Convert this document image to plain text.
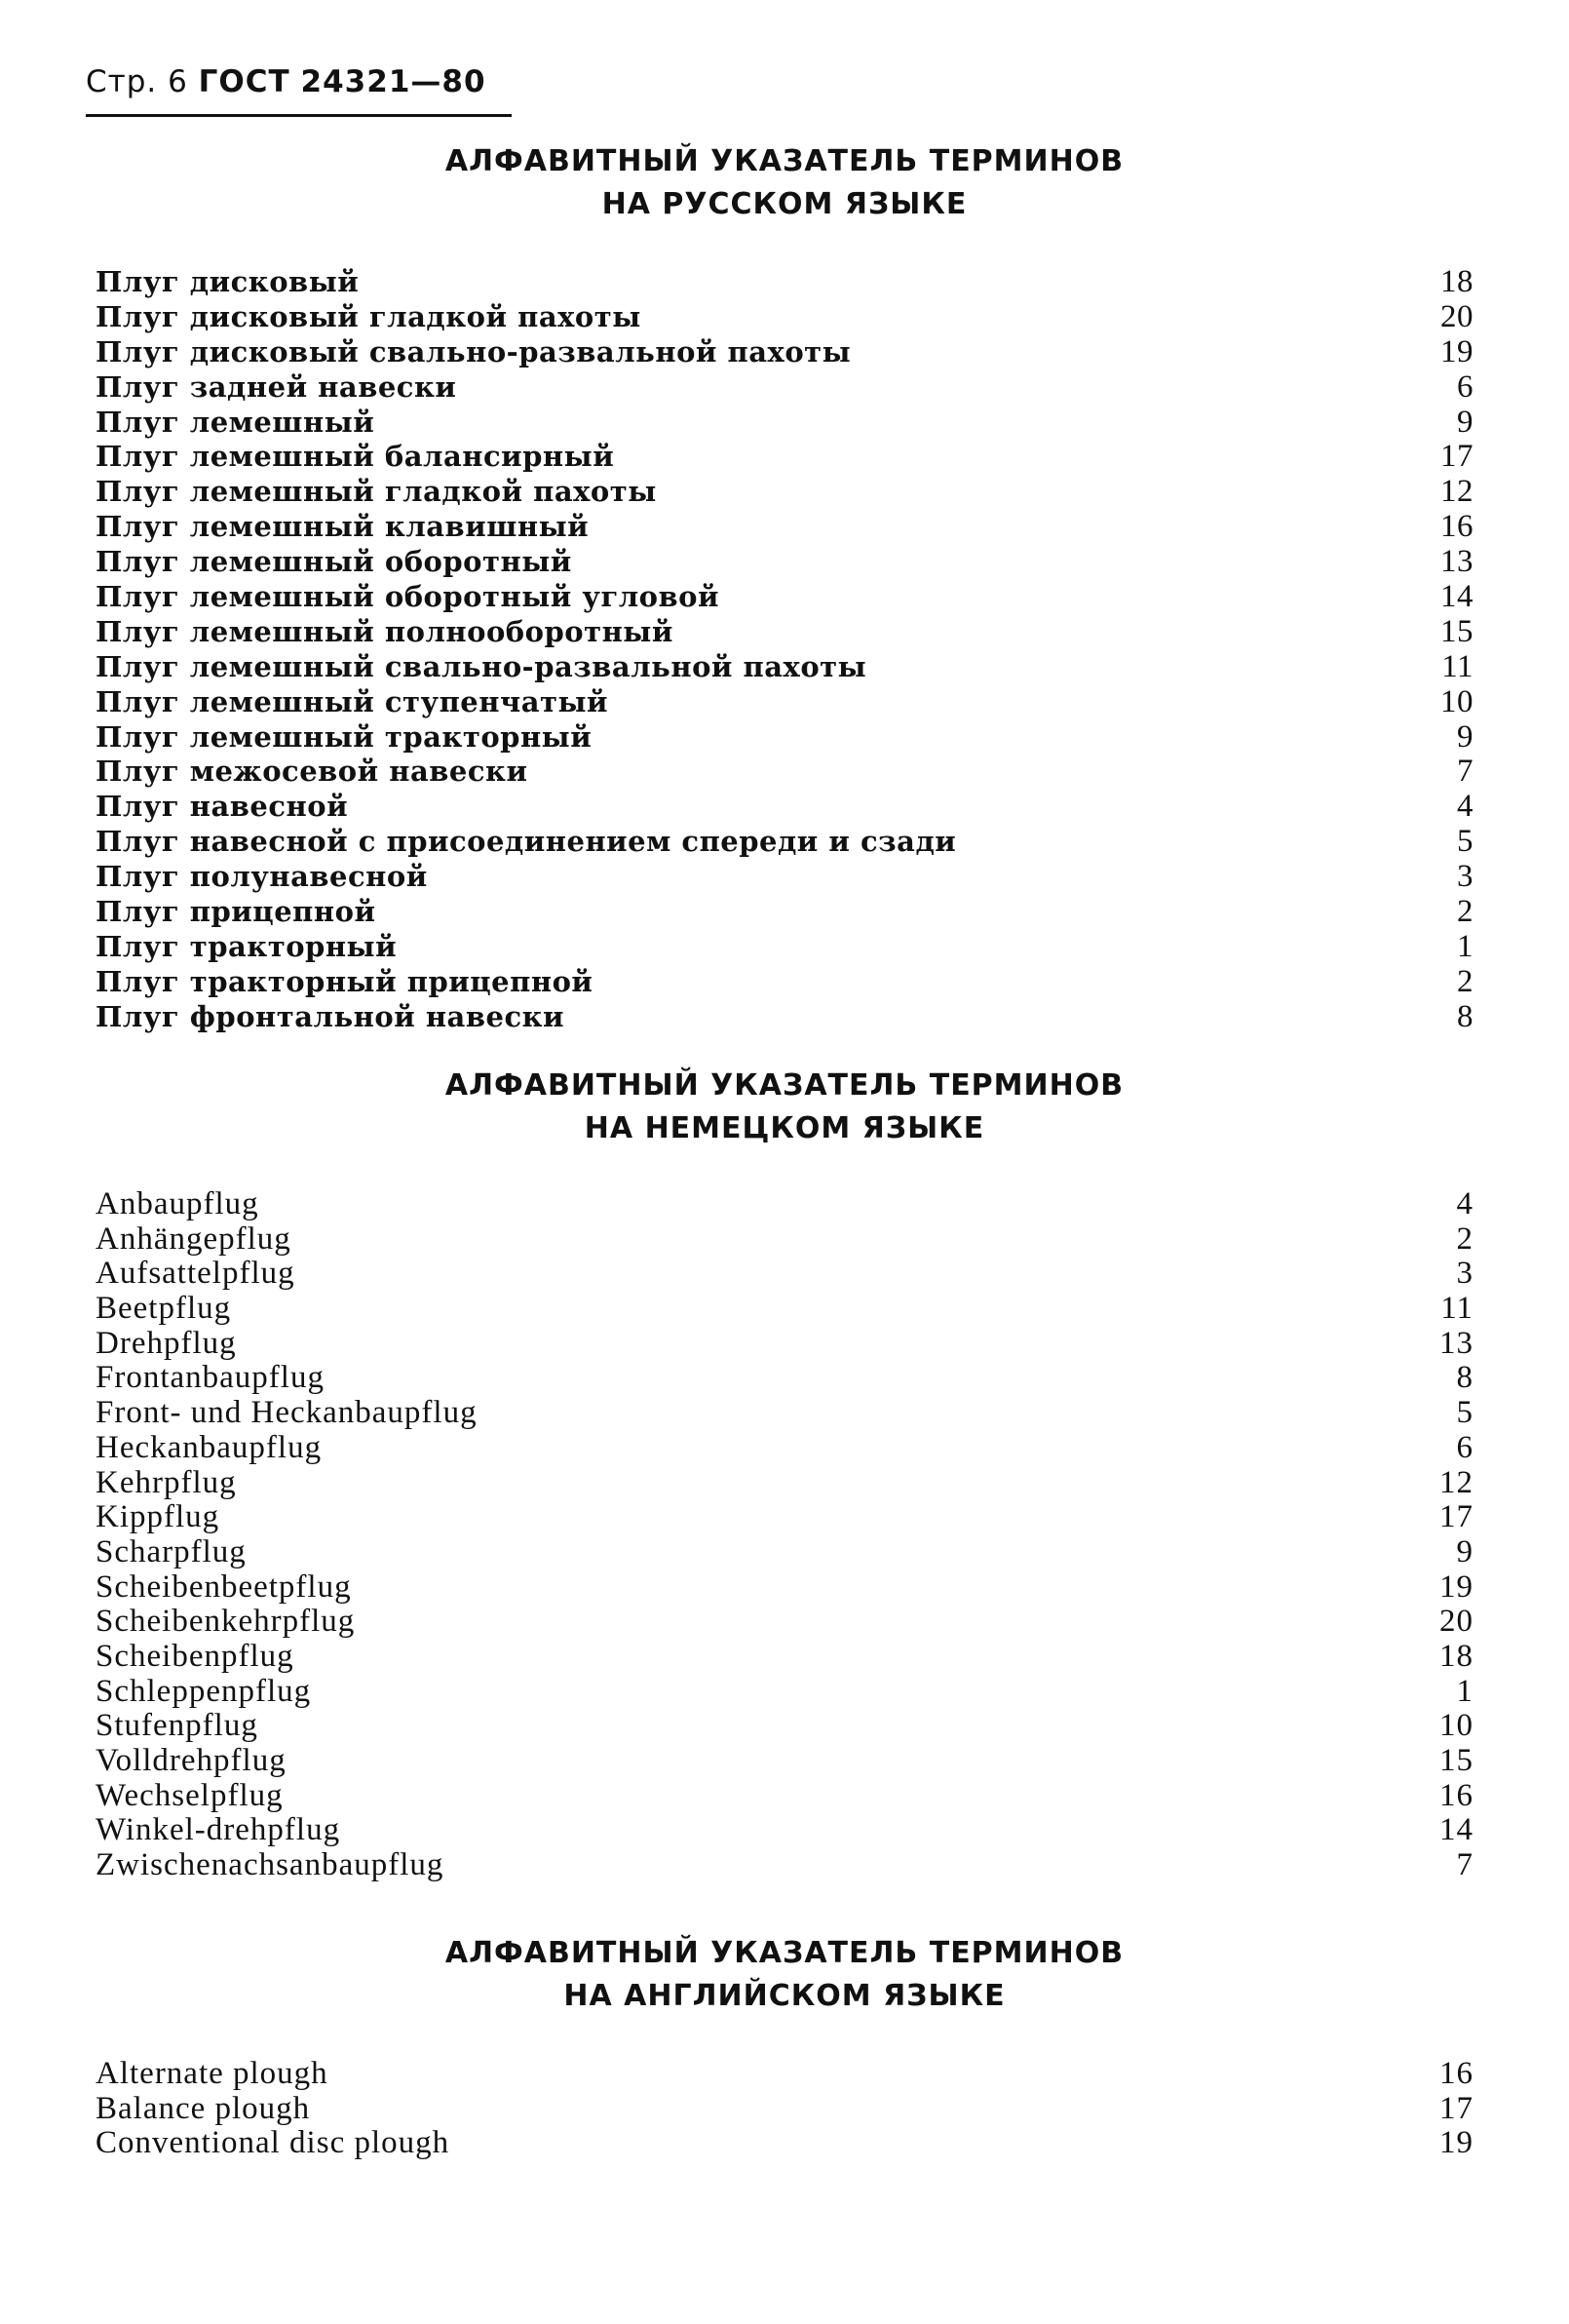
Стр. 6 ГОСТ 24321—80
АЛФАВИТНЫЙ УКАЗАТЕЛЬ ТЕРМИНОВ
НА РУССКОМ ЯЗЫКЕ
Плуг дисковый	18
Плуг дисковый гладкой пахоты	20
Плуг дисковый свально-развальной пахоты	19
Плуг задней навески	6
Плуг лемешный	9
Плуг лемешный балансирный	17
Плуг лемешный гладкой пахоты	12
Плуг лемешный клавишный	16
Плуг лемешный оборотный	13
Плуг лемешный оборотный угловой	14
Плуг лемешный полнооборотный	15
Плуг лемешный свально-развальной пахоты	11
Плуг лемешный ступенчатый	10
Плуг лемешный тракторный	9
Плуг межосевой навески	7
Плуг навесной	4
Плуг навесной с присоединением спереди и сзади	5
Плуг полунавесной	3
Плуг прицепной	2
Плуг тракторный	1
Плуг тракторный прицепной	2
Плуг фронтальной навески	8
АЛФАВИТНЫЙ УКАЗАТЕЛЬ ТЕРМИНОВ
НА НЕМЕЦКОМ ЯЗЫКЕ
Anbaupflug	4
Anhängepflug	2
Aufsattelpflug	3
Beetpflug	11
Drehpflug	13
Frontanbaupflug	8
Front- und Heckanbaupflug	5
Heckanbaupflug	6
Kehrpflug	12
Kippflug	17
Scharpflug	9
Scheibenbeetpflug	19
Scheibenkehrpflug	20
Scheibenpflug	18
Schleppenpflug	1
Stufenpflug	10
Volldrehpflug	15
Wechselpflug	16
Winkel-drehpflug	14
Zwischenachsanbaupflug	7
АЛФАВИТНЫЙ УКАЗАТЕЛЬ ТЕРМИНОВ
НА АНГЛИЙСКОМ ЯЗЫКЕ
Alternate plough	16
Balance plough	17
Conventional disc plough	19
